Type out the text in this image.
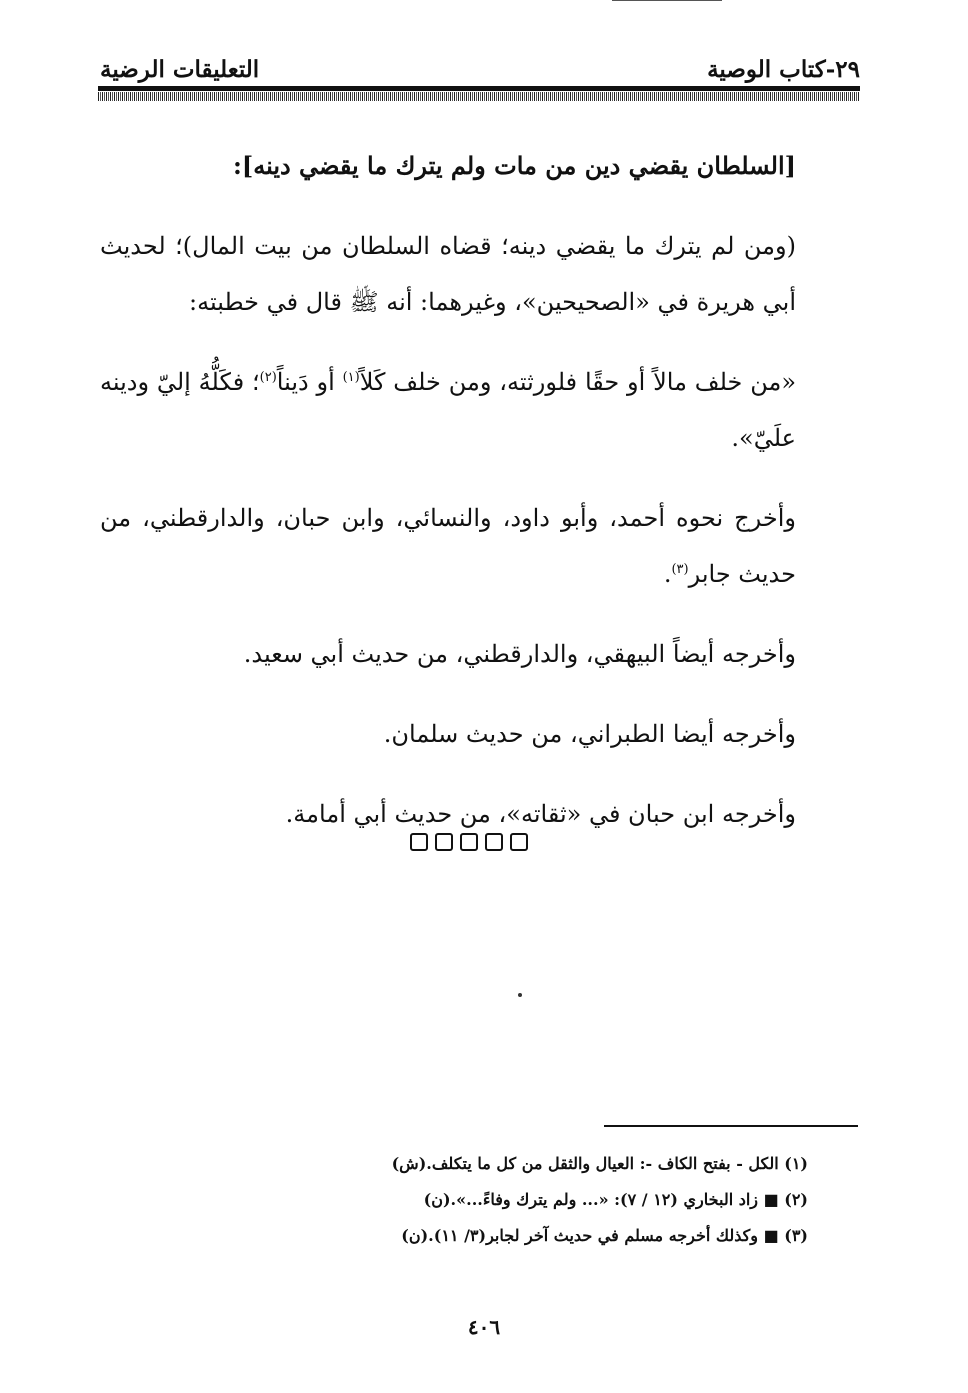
٢٩-كتاب الوصية
التعليقات الرضية

[السلطان يقضي دين من مات ولم يترك ما يقضي دينه]:

(ومن لم يترك ما يقضي دينه؛ قضاه السلطان من بيت المال)؛ لحديث أبي هريرة في «الصحيحين»، وغيرهما: أنه ﷺ قال في خطبته:

«من خلف مالاً أو حقًا فلورثته، ومن خلف كَلاً$^{(١)}$ أو دَيناً$^{(٢)}$؛ فكَلُّهُ إليّ ودينه علَيّ».

وأخرج نحوه أحمد، وأبو داود، والنسائي، وابن حبان، والدارقطني، من حديث جابر$^{(٣)}$.

وأخرجه أيضاً البيهقي، والدارقطني، من حديث أبي سعيد.

وأخرجه أيضا الطبراني، من حديث سلمان.

وأخرجه ابن حبان في «ثقاته»، من حديث أبي أمامة.

(١) الكل - بفتح الكاف -: العيال والثقل من كل ما يتكلف.(ش)
(٢) ■ زاد البخاري (١٢ / ٧): «... ولم يترك وفاءً...».(ن)
(٣) ■ وكذلك أخرجه مسلم في حديث آخر لجابر(٣/ ١١).(ن)
٤٠٦
